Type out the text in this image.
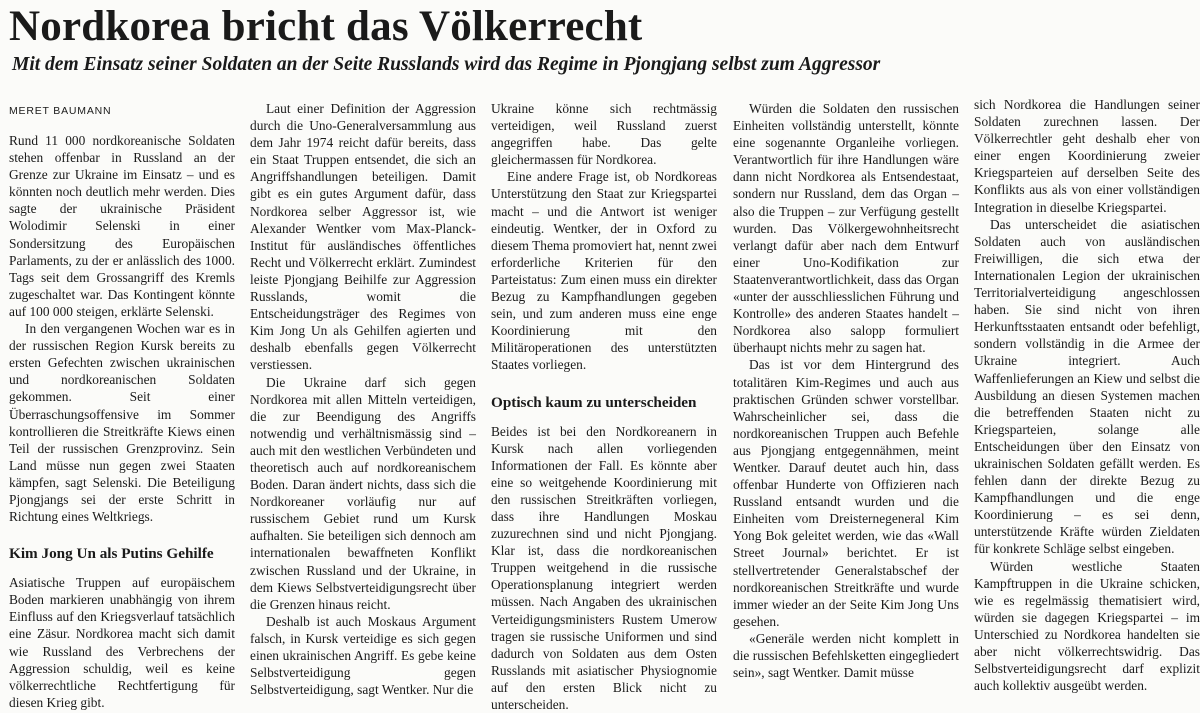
Nordkorea bricht das Völkerrecht
Mit dem Einsatz seiner Soldaten an der Seite Russlands wird das Regime in Pjongjang selbst zum Aggressor
MERET BAUMANN

Rund 11 000 nordkoreanische Soldaten stehen offenbar in Russland an der Grenze zur Ukraine im Einsatz – und es könnten noch deutlich mehr werden. Dies sagte der ukrainische Präsident Wolodimir Selenski in einer Sondersitzung des Europäischen Parlaments, zu der er anlässlich des 1000. Tags seit dem Grossangriff des Kremls zugeschaltet war. Das Kontingent könnte auf 100 000 steigen, erklärte Selenski.

In den vergangenen Wochen war es in der russischen Region Kursk bereits zu ersten Gefechten zwischen ukrainischen und nordkoreanischen Soldaten gekommen. Seit einer Überraschungsoffensive im Sommer kontrollieren die Streitkräfte Kiews einen Teil der russischen Grenzprovinz. Sein Land müsse nun gegen zwei Staaten kämpfen, sagt Selenski. Die Beteiligung Pjongjangs sei der erste Schritt in Richtung eines Weltkriegs.

Kim Jong Un als Putins Gehilfe

Asiatische Truppen auf europäischem Boden markieren unabhängig von ihrem Einfluss auf den Kriegsverlauf tatsächlich eine Zäsur. Nordkorea macht sich damit wie Russland des Verbrechens der Aggression schuldig, weil es keine völkerrechtliche Rechtfertigung für diesen Krieg gibt.

Laut einer Definition der Aggression durch die Uno-Generalversammlung aus dem Jahr 1974 reicht dafür bereits, dass ein Staat Truppen entsendet, die sich an Angriffshandlungen beteiligen. Damit gibt es ein gutes Argument dafür, dass Nordkorea selber Aggressor ist, wie Alexander Wentker vom Max-Planck-Institut für ausländisches öffentliches Recht und Völkerrecht erklärt. Zumindest leiste Pjongjang Beihilfe zur Aggression Russlands, womit die Entscheidungsträger des Regimes von Kim Jong Un als Gehilfen agierten und deshalb ebenfalls gegen Völkerrecht verstiessen.

Die Ukraine darf sich gegen Nordkorea mit allen Mitteln verteidigen, die zur Beendigung des Angriffs notwendig und verhältnismässig sind – auch mit den westlichen Verbündeten und theoretisch auch auf nordkoreanischem Boden. Daran ändert nichts, dass sich die Nordkoreaner vorläufig nur auf russischem Gebiet rund um Kursk aufhalten. Sie beteiligen sich dennoch am internationalen bewaffneten Konflikt zwischen Russland und der Ukraine, in dem Kiews Selbstverteidigungsrecht über die Grenzen hinaus reicht.

Deshalb ist auch Moskaus Argument falsch, in Kursk verteidige es sich gegen einen ukrainischen Angriff. Es gebe keine Selbstverteidigung gegen Selbstverteidigung, sagt Wentker. Nur die

Ukraine könne sich rechtmässig verteidigen, weil Russland zuerst angegriffen habe. Das gelte gleichermassen für Nordkorea.

Eine andere Frage ist, ob Nordkoreas Unterstützung den Staat zur Kriegspartei macht – und die Antwort ist weniger eindeutig. Wentker, der in Oxford zu diesem Thema promoviert hat, nennt zwei erforderliche Kriterien für den Parteistatus: Zum einen muss ein direkter Bezug zu Kampfhandlungen gegeben sein, und zum anderen muss eine enge Koordinierung mit den Militäroperationen des unterstützten Staates vorliegen.

Optisch kaum zu unterscheiden

Beides ist bei den Nordkoreanern in Kursk nach allen vorliegenden Informationen der Fall. Es könnte aber eine so weitgehende Koordinierung mit den russischen Streitkräften vorliegen, dass ihre Handlungen Moskau zuzurechnen sind und nicht Pjongjang. Klar ist, dass die nordkoreanischen Truppen weitgehend in die russische Operationsplanung integriert werden müssen. Nach Angaben des ukrainischen Verteidigungsministers Rustem Umerow tragen sie russische Uniformen und sind dadurch von Soldaten aus dem Osten Russlands mit asiatischer Physiognomie auf den ersten Blick nicht zu unterscheiden.

Würden die Soldaten den russischen Einheiten vollständig unterstellt, könnte eine sogenannte Organleihe vorliegen. Verantwortlich für ihre Handlungen wäre dann nicht Nordkorea als Entsendestaat, sondern nur Russland, dem das Organ – also die Truppen – zur Verfügung gestellt wurden. Das Völkergewohnheitsrecht verlangt dafür aber nach dem Entwurf einer Uno-Kodifikation zur Staatenverantwortlichkeit, dass das Organ «unter der ausschliesslichen Führung und Kontrolle» des anderen Staates handelt – Nordkorea also salopp formuliert überhaupt nichts mehr zu sagen hat.

Das ist vor dem Hintergrund des totalitären Kim-Regimes und auch aus praktischen Gründen schwer vorstellbar. Wahrscheinlicher sei, dass die nordkoreanischen Truppen auch Befehle aus Pjongjang entgegennähmen, meint Wentker. Darauf deutet auch hin, dass offenbar Hunderte von Offizieren nach Russland entsandt wurden und die Einheiten vom Dreisternegeneral Kim Yong Bok geleitet werden, wie das «Wall Street Journal» berichtet. Er ist stellvertretender Generalstabschef der nordkoreanischen Streitkräfte und wurde immer wieder an der Seite Kim Jong Uns gesehen.

«Generäle werden nicht komplett in die russischen Befehlsketten eingegliedert sein», sagt Wentker. Damit müsse

sich Nordkorea die Handlungen seiner Soldaten zurechnen lassen. Der Völkerrechtler geht deshalb eher von einer engen Koordinierung zweier Kriegsparteien auf derselben Seite des Konflikts aus als von einer vollständigen Integration in dieselbe Kriegspartei.

Das unterscheidet die asiatischen Soldaten auch von ausländischen Freiwilligen, die sich etwa der Internationalen Legion der ukrainischen Territorialverteidigung angeschlossen haben. Sie sind nicht von ihren Herkunftsstaaten entsandt oder befehligt, sondern vollständig in die Armee der Ukraine integriert. Auch Waffenlieferungen an Kiew und selbst die Ausbildung an diesen Systemen machen die betreffenden Staaten nicht zu Kriegsparteien, solange alle Entscheidungen über den Einsatz von ukrainischen Soldaten gefällt werden. Es fehlen dann der direkte Bezug zu Kampfhandlungen und die enge Koordinierung – es sei denn, unterstützende Kräfte würden Zieldaten für konkrete Schläge selbst eingeben.

Würden westliche Staaten Kampftruppen in die Ukraine schicken, wie es regelmässig thematisiert wird, würden sie dagegen Kriegspartei – im Unterschied zu Nordkorea handelten sie aber nicht völkerrechtswidrig. Das Selbstverteidigungsrecht darf explizit auch kollektiv ausgeübt werden.
